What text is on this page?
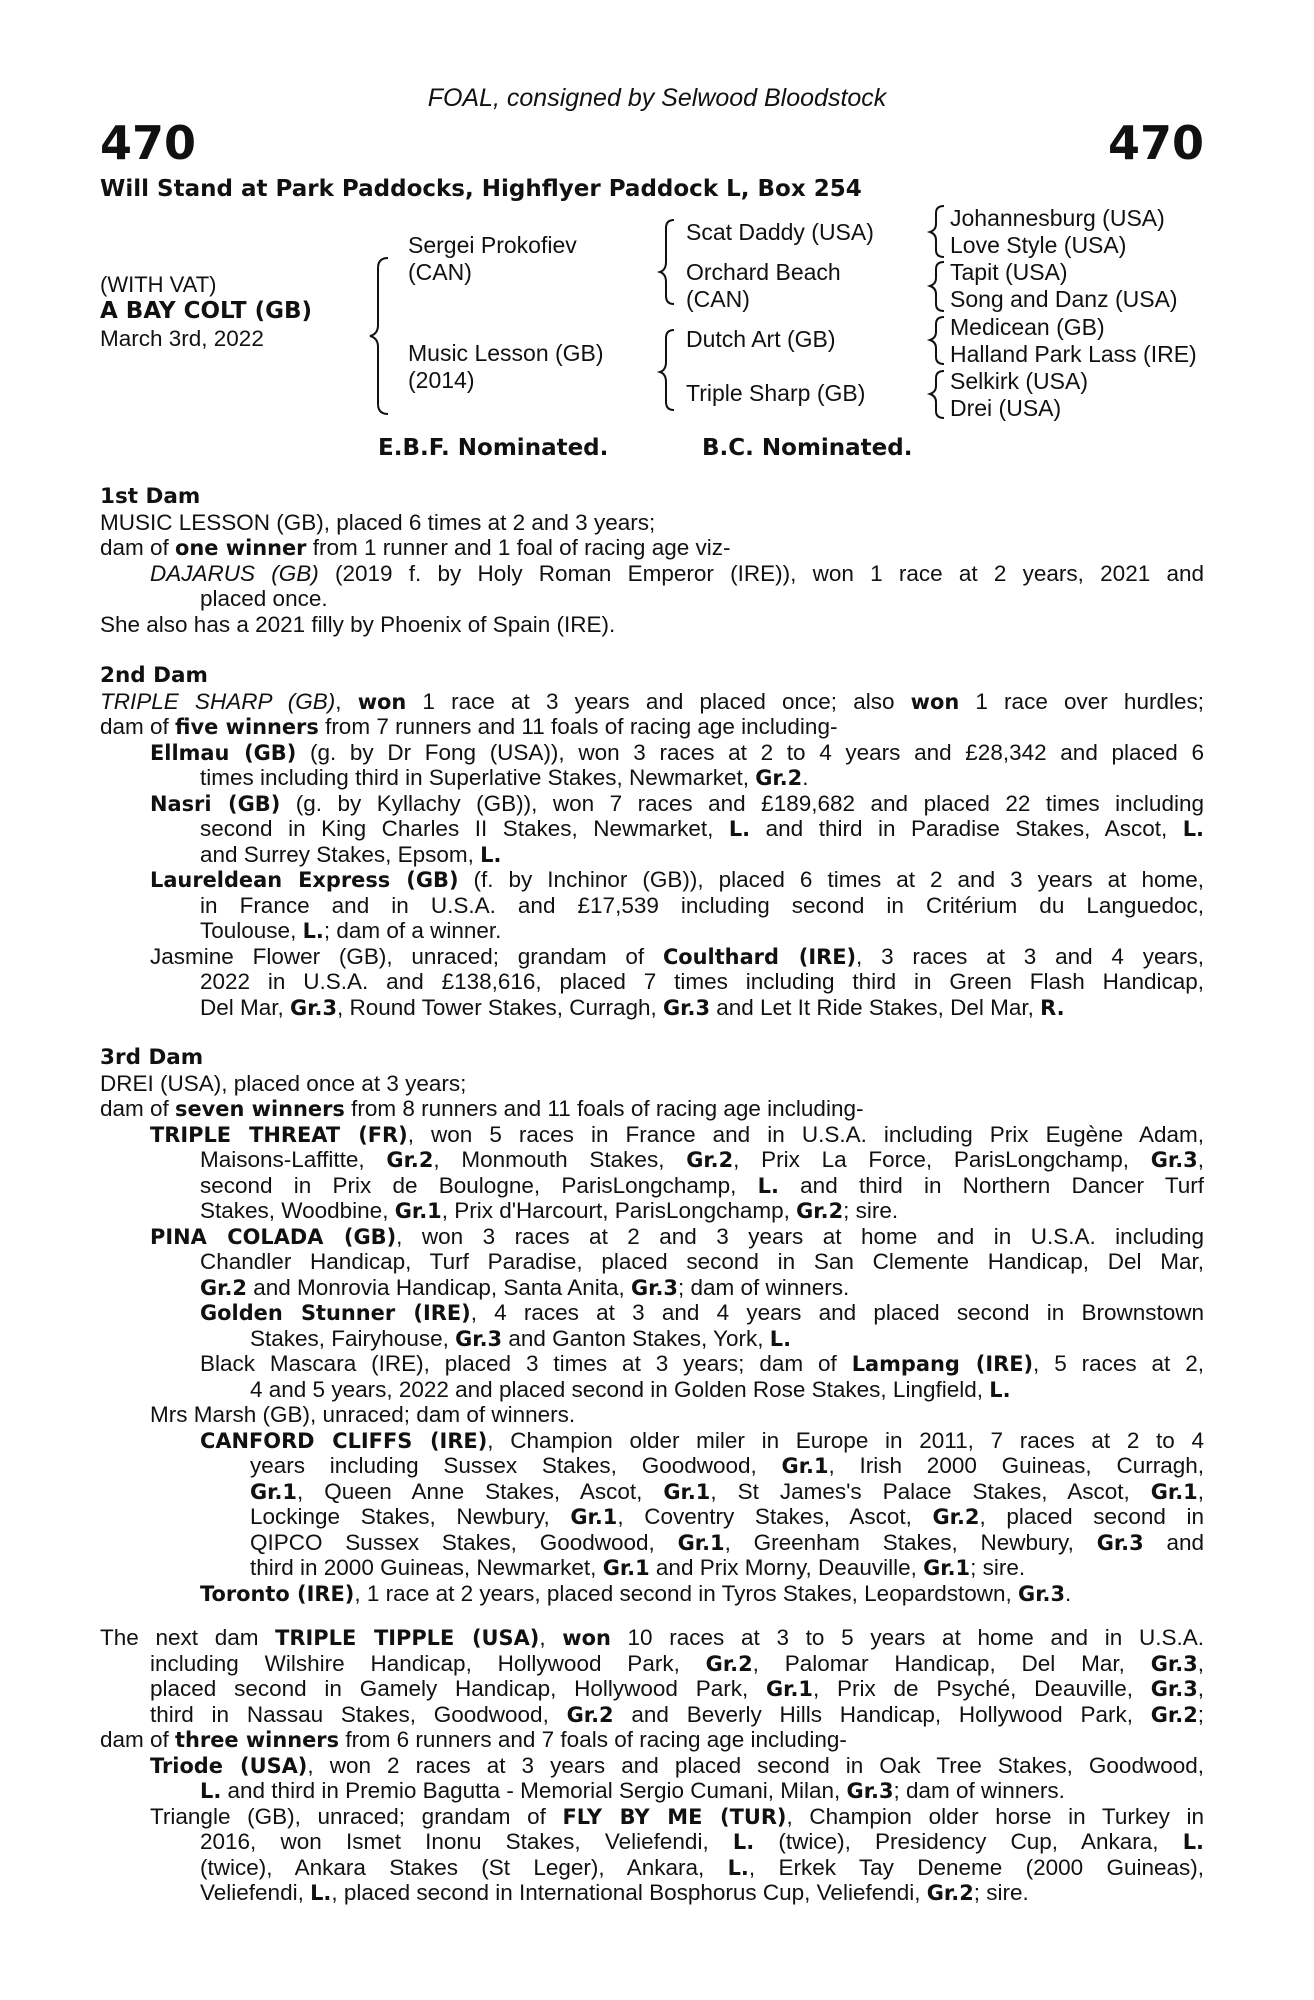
FOAL, consigned by Selwood Bloodstock
470	470
Will Stand at Park Paddocks, Highflyer Paddock L, Box 254
(WITH VAT)
A BAY COLT (GB)
March 3rd, 2022
Sergei Prokofiev
(CAN)
Music Lesson (GB)
(2014)
Scat Daddy (USA)
Orchard Beach
(CAN)
Dutch Art (GB)
Triple Sharp (GB)
Johannesburg (USA)
Love Style (USA)
Tapit (USA)
Song and Danz (USA)
Medicean (GB)
Halland Park Lass (IRE)
Selkirk (USA)
Drei (USA)
E.B.F. Nominated.	B.C. Nominated.
1st Dam
MUSIC LESSON (GB), placed 6 times at 2 and 3 years;
dam of one winner from 1 runner and 1 foal of racing age viz-
DAJARUS (GB) (2019 f. by Holy Roman Emperor (IRE)), won 1 race at 2 years, 2021 and
placed once.
She also has a 2021 filly by Phoenix of Spain (IRE).
2nd Dam
TRIPLE SHARP (GB), won 1 race at 3 years and placed once; also won 1 race over hurdles;
dam of five winners from 7 runners and 11 foals of racing age including-
Ellmau (GB) (g. by Dr Fong (USA)), won 3 races at 2 to 4 years and £28,342 and placed 6
times including third in Superlative Stakes, Newmarket, Gr.2.
Nasri (GB) (g. by Kyllachy (GB)), won 7 races and £189,682 and placed 22 times including
second in King Charles II Stakes, Newmarket, L. and third in Paradise Stakes, Ascot, L.
and Surrey Stakes, Epsom, L.
Laureldean Express (GB) (f. by Inchinor (GB)), placed 6 times at 2 and 3 years at home,
in France and in U.S.A. and £17,539 including second in Critérium du Languedoc,
Toulouse, L.; dam of a winner.
Jasmine Flower (GB), unraced; grandam of Coulthard (IRE), 3 races at 3 and 4 years,
2022 in U.S.A. and £138,616, placed 7 times including third in Green Flash Handicap,
Del Mar, Gr.3, Round Tower Stakes, Curragh, Gr.3 and Let It Ride Stakes, Del Mar, R.
3rd Dam
DREI (USA), placed once at 3 years;
dam of seven winners from 8 runners and 11 foals of racing age including-
TRIPLE THREAT (FR), won 5 races in France and in U.S.A. including Prix Eugène Adam,
Maisons-Laffitte, Gr.2, Monmouth Stakes, Gr.2, Prix La Force, ParisLongchamp, Gr.3,
second in Prix de Boulogne, ParisLongchamp, L. and third in Northern Dancer Turf
Stakes, Woodbine, Gr.1, Prix d'Harcourt, ParisLongchamp, Gr.2; sire.
PINA COLADA (GB), won 3 races at 2 and 3 years at home and in U.S.A. including
Chandler Handicap, Turf Paradise, placed second in San Clemente Handicap, Del Mar,
Gr.2 and Monrovia Handicap, Santa Anita, Gr.3; dam of winners.
Golden Stunner (IRE), 4 races at 3 and 4 years and placed second in Brownstown
Stakes, Fairyhouse, Gr.3 and Ganton Stakes, York, L.
Black Mascara (IRE), placed 3 times at 3 years; dam of Lampang (IRE), 5 races at 2,
4 and 5 years, 2022 and placed second in Golden Rose Stakes, Lingfield, L.
Mrs Marsh (GB), unraced; dam of winners.
CANFORD CLIFFS (IRE), Champion older miler in Europe in 2011, 7 races at 2 to 4
years including Sussex Stakes, Goodwood, Gr.1, Irish 2000 Guineas, Curragh,
Gr.1, Queen Anne Stakes, Ascot, Gr.1, St James's Palace Stakes, Ascot, Gr.1,
Lockinge Stakes, Newbury, Gr.1, Coventry Stakes, Ascot, Gr.2, placed second in
QIPCO Sussex Stakes, Goodwood, Gr.1, Greenham Stakes, Newbury, Gr.3 and
third in 2000 Guineas, Newmarket, Gr.1 and Prix Morny, Deauville, Gr.1; sire.
Toronto (IRE), 1 race at 2 years, placed second in Tyros Stakes, Leopardstown, Gr.3.
The next dam TRIPLE TIPPLE (USA), won 10 races at 3 to 5 years at home and in U.S.A.
including Wilshire Handicap, Hollywood Park, Gr.2, Palomar Handicap, Del Mar, Gr.3,
placed second in Gamely Handicap, Hollywood Park, Gr.1, Prix de Psyché, Deauville, Gr.3,
third in Nassau Stakes, Goodwood, Gr.2 and Beverly Hills Handicap, Hollywood Park, Gr.2;
dam of three winners from 6 runners and 7 foals of racing age including-
Triode (USA), won 2 races at 3 years and placed second in Oak Tree Stakes, Goodwood,
L. and third in Premio Bagutta - Memorial Sergio Cumani, Milan, Gr.3; dam of winners.
Triangle (GB), unraced; grandam of FLY BY ME (TUR), Champion older horse in Turkey in
2016, won Ismet Inonu Stakes, Veliefendi, L. (twice), Presidency Cup, Ankara, L.
(twice), Ankara Stakes (St Leger), Ankara, L., Erkek Tay Deneme (2000 Guineas),
Veliefendi, L., placed second in International Bosphorus Cup, Veliefendi, Gr.2; sire.
